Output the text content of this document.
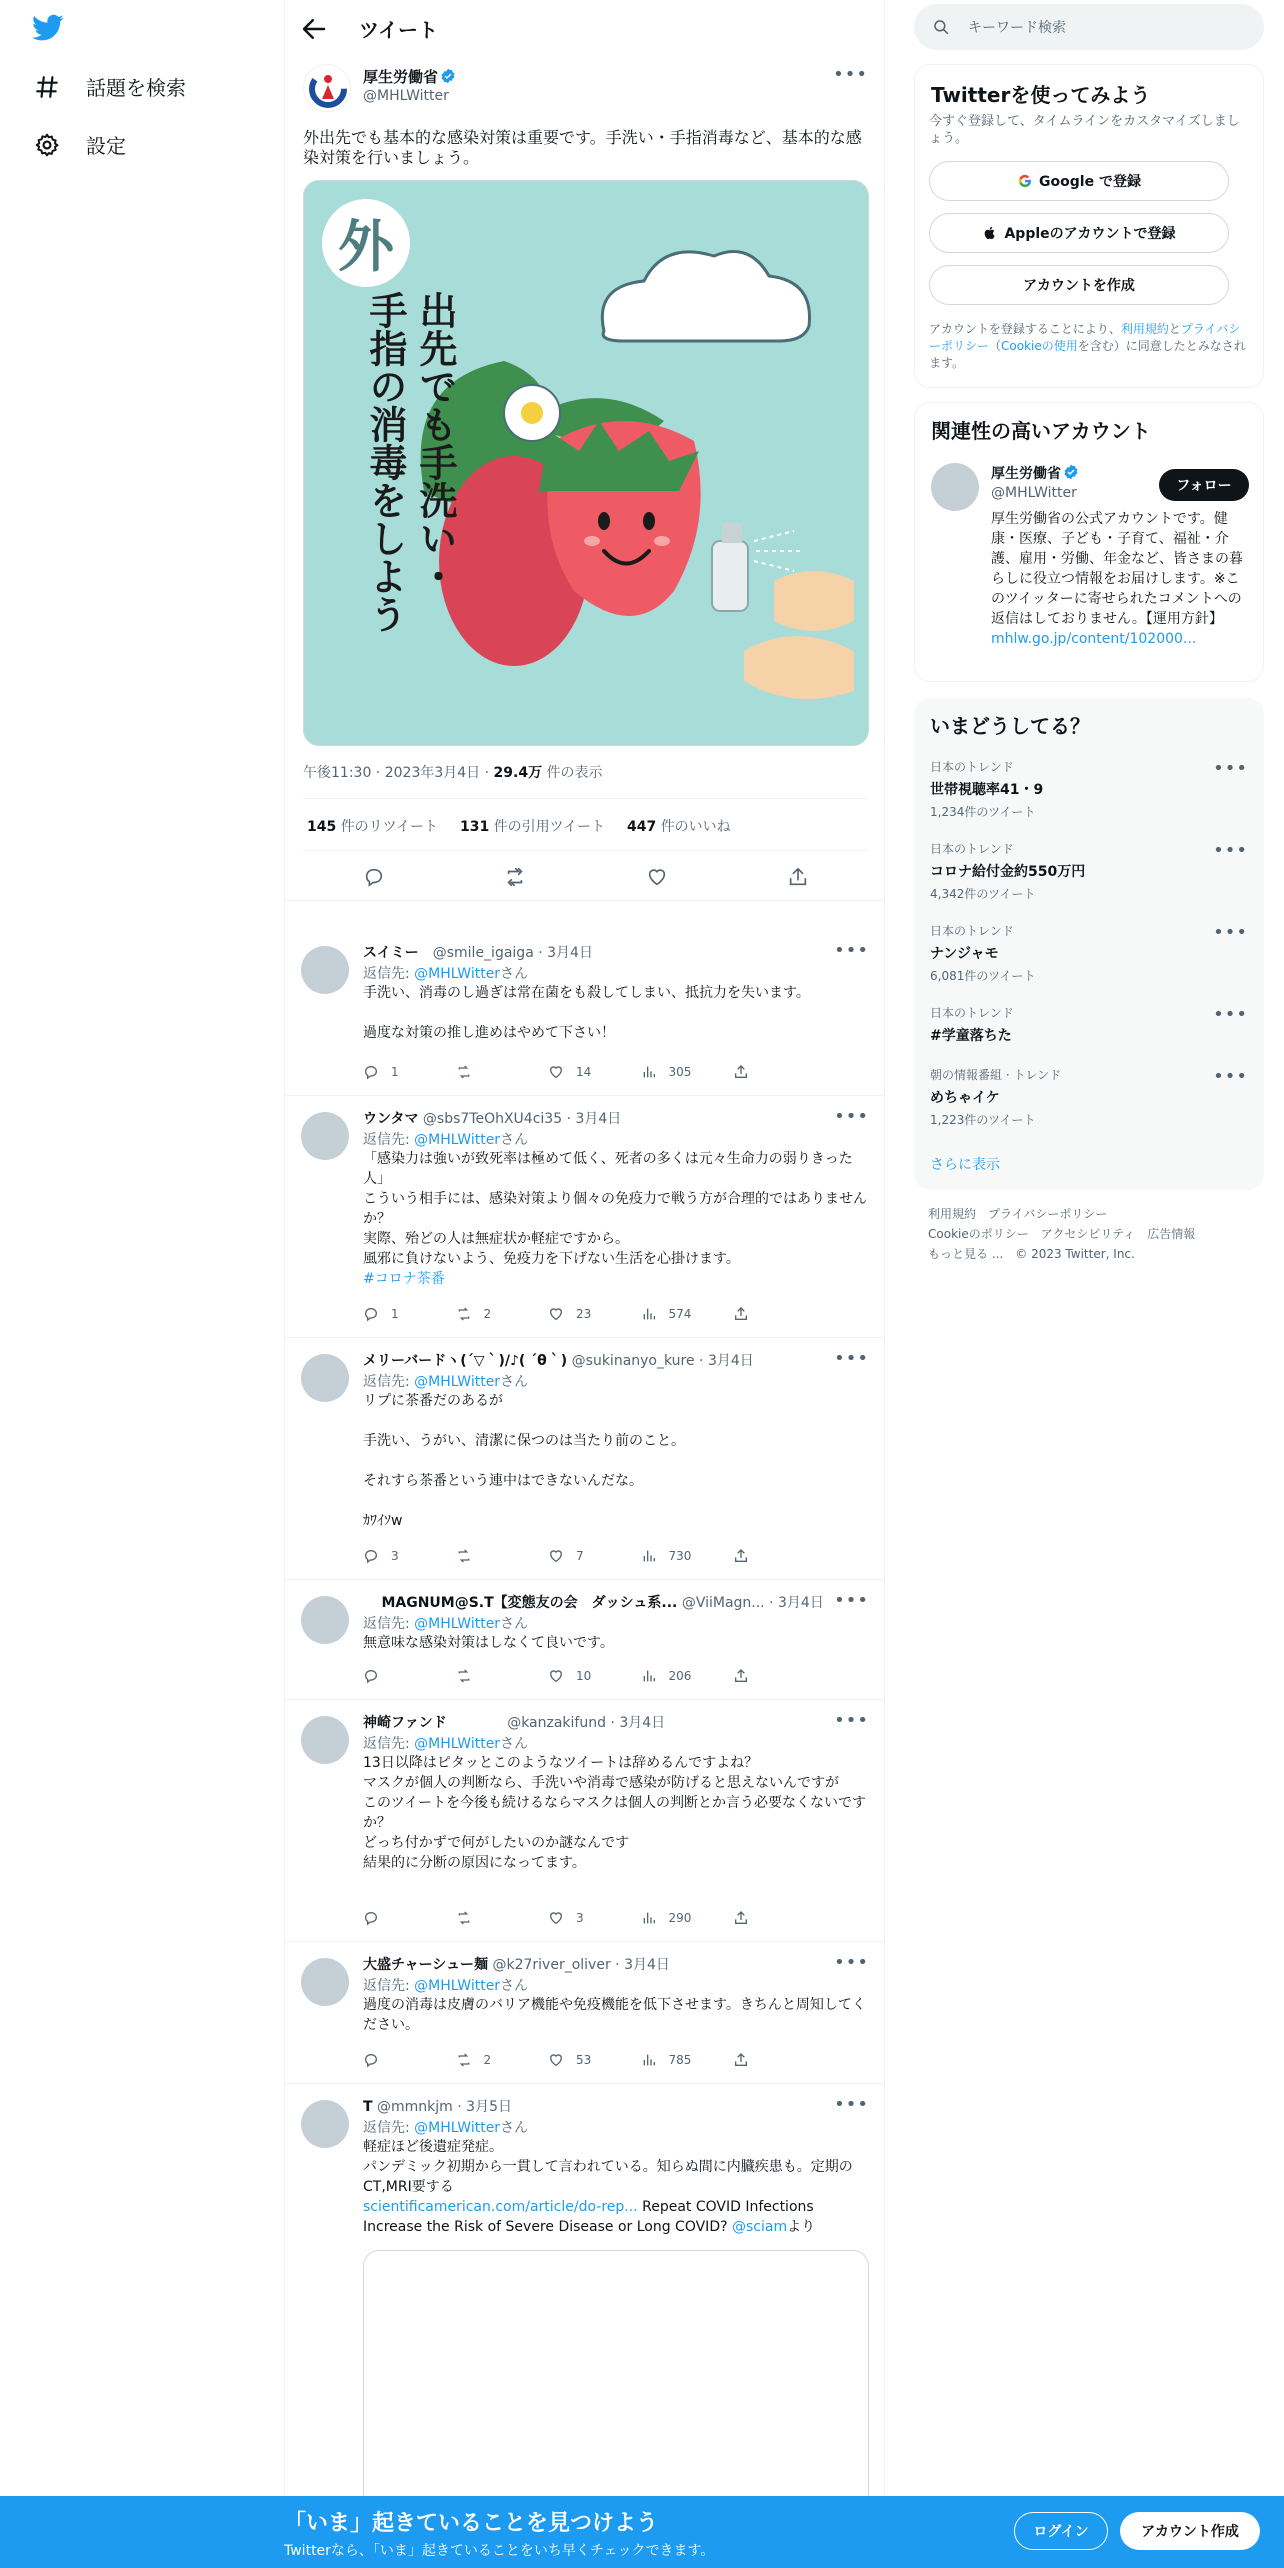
話題を検索
設定
ツイート
厚生労働省
@MHLWitter
•••
外出先でも基本的な感染対策は重要です。手洗い・手指消毒など、基本的な感染対策を行いましょう。
外
出先でも手洗い・
手指の消毒をしよう
午後11:30 · 2023年3月4日 · 29.4万 件の表示
145 件のリツイート 131 件の引用ツイート 447 件のいいね
スイミー　 @smile_igaiga · 3月4日	•••
返信先: @MHLWitterさん
手洗い、消毒のし過ぎは常在菌をも殺してしまい、抵抗力を失います。

過度な対策の推し進めはやめて下さい！
1	14	305
ウンタマ @sbs7TeOhXU4ci35 · 3月4日	•••
返信先: @MHLWitterさん
「感染力は強いが致死率は極めて低く、死者の多くは元々生命力の弱りきった人」
こういう相手には、感染対策より個々の免疫力で戦う方が合理的ではありませんか？
実際、殆どの人は無症状か軽症ですから。
風邪に負けないよう、免疫力を下げない生活を心掛けます。
#コロナ茶番
1	2	23	574
メリーバードヽ(´▽｀)/♪( ´θ｀) @sukinanyo_kure · 3月4日	•••
返信先: @MHLWitterさん
リプに茶番だのあるが

手洗い、うがい、清潔に保つのは当たり前のこと。

それすら茶番という連中はできないんだな。

ｶﾜｲｿw
3	7	730
　 MAGNUM@S.T【変態友の会　ダッシュ系... @ViiMagn... · 3月4日 •••
返信先: @MHLWitterさん
無意味な感染対策はしなくて良いです。
10	206
神崎ファンド　　　　	@kanzakifund · 3月4日	•••
返信先: @MHLWitterさん
13日以降はピタッとこのようなツイートは辞めるんですよね？
マスクが個人の判断なら、手洗いや消毒で感染が防げると思えないんですが
このツイートを今後も続けるならマスクは個人の判断とか言う必要なくないですか？
どっち付かずで何がしたいのか謎なんです
結果的に分断の原因になってます。
3	290
大盛チャーシュー麺 @k27river_oliver · 3月4日	•••
返信先: @MHLWitterさん
過度の消毒は皮膚のバリア機能や免疫機能を低下させます。きちんと周知してください。
2	53	785
T @mmnkjm · 3月5日	•••
返信先: @MHLWitterさん
軽症ほど後遺症発症。
パンデミック初期から一貫して言われている。知らぬ間に内臓疾患も。定期のCT,MRI要する
scientificamerican.com/article/do-rep... Repeat COVID Infections Increase the Risk of Severe Disease or Long COVID? @sciamより
キーワード検索
Twitterを使ってみよう
今すぐ登録して、タイムラインをカスタマイズしましょう。
Google で登録
Appleのアカウントで登録
アカウントを作成
アカウントを登録することにより、利用規約とプライバシーポリシー（Cookieの使用を含む）に同意したとみなされます。
関連性の高いアカウント
厚生労働省
@MHLWitter	フォロー
厚生労働省の公式アカウントです。健康・医療、子ども・子育て、福祉・介護、雇用・労働、年金など、皆さまの暮らしに役立つ情報をお届けします。※このツイッターに寄せられたコメントへの返信はしておりません。【運用方針】mhlw.go.jp/content/102000...
いまどうしてる？
日本のトレンド
世帯視聴率41・9
1,234件のツイート
•••
日本のトレンド
コロナ給付金約550万円
4,342件のツイート
•••
日本のトレンド
ナンジャモ
6,081件のツイート
•••
日本のトレンド
#学童落ちた
•••
朝の情報番組 · トレンド
めちゃイケ
1,223件のツイート
•••
さらに表示
利用規約 プライバシーポリシー
Cookieのポリシー アクセシビリティ 広告情報
もっと見る ... © 2023 Twitter, Inc.
「いま」起きていることを見つけよう
Twitterなら、「いま」起きていることをいち早くチェックできます。
ログイン	アカウント作成
